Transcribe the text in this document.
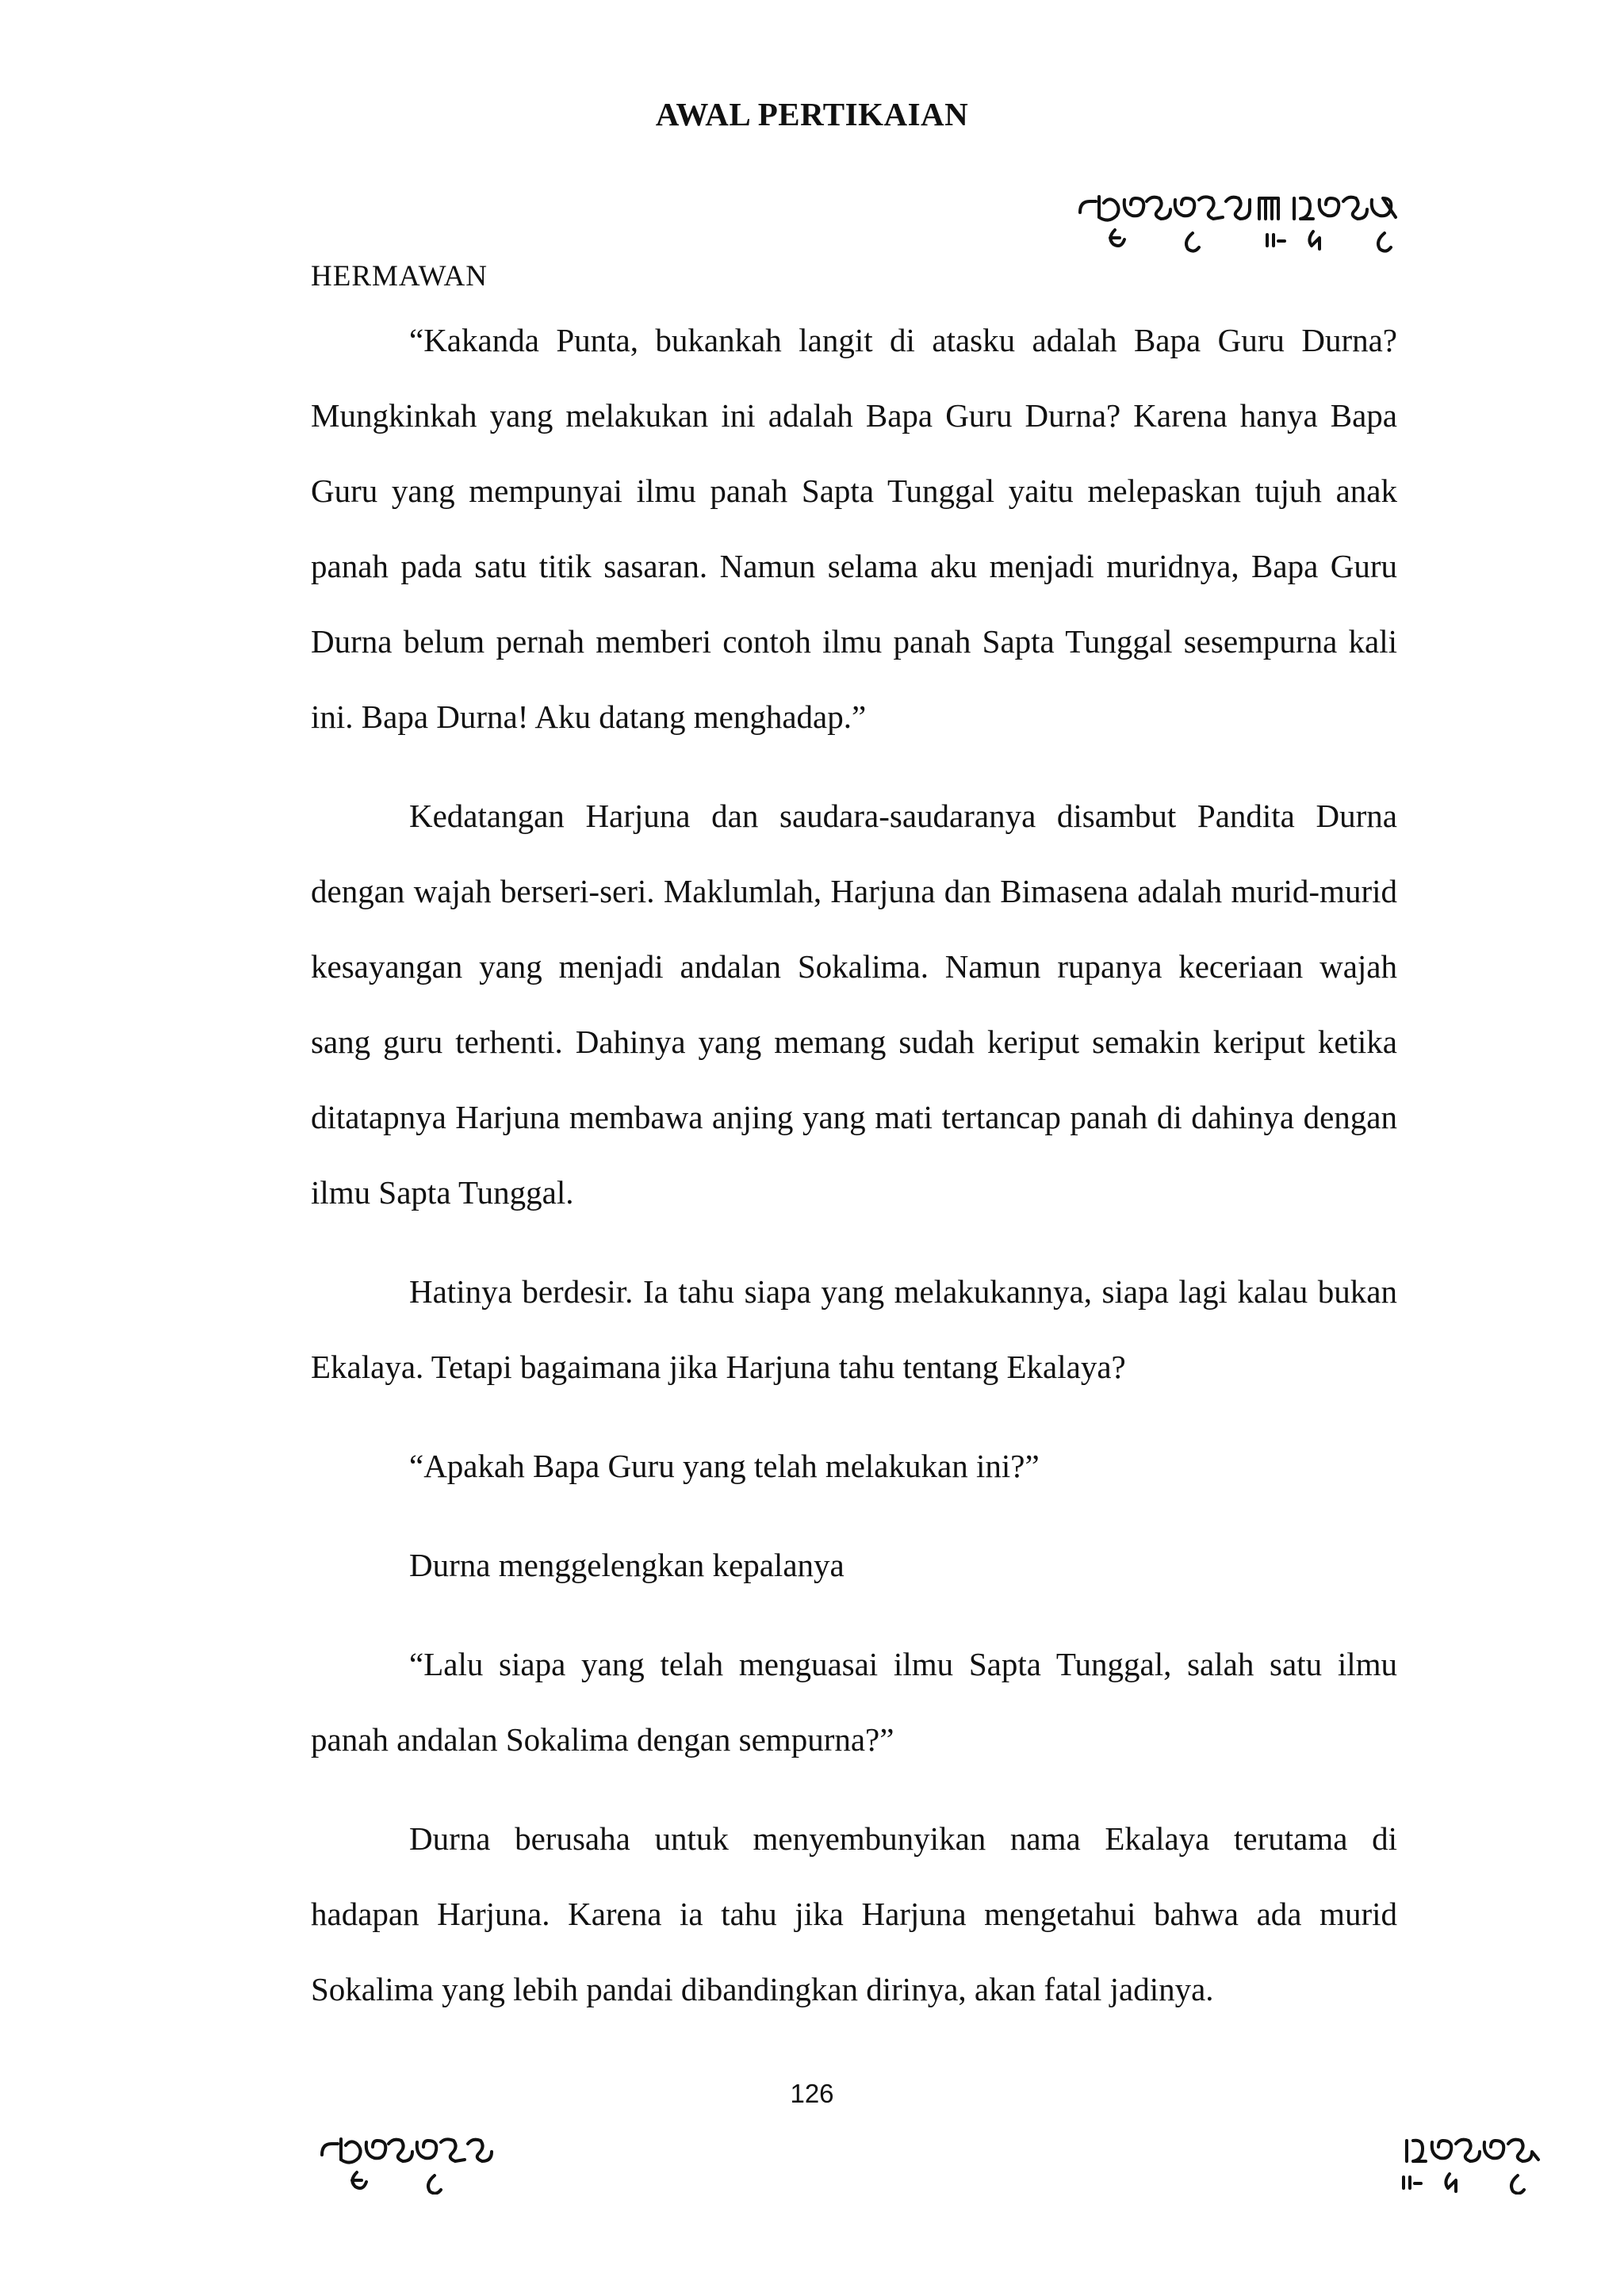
AWAL PERTIKAIAN
HERMAWAN

“Kakanda Punta, bukankah langit di atasku adalah Bapa Guru Durna? Mungkinkah yang melakukan ini adalah Bapa Guru Durna? Karena hanya Bapa Guru yang mempunyai ilmu panah Sapta Tunggal yaitu melepaskan tujuh anak panah pada satu titik sasaran. Namun selama aku menjadi muridnya, Bapa Guru Durna belum pernah memberi contoh ilmu panah Sapta Tunggal sesempurna kali ini. Bapa Durna! Aku datang menghadap.”

Kedatangan Harjuna dan saudara-saudaranya disambut Pandita Durna dengan wajah berseri-seri. Maklumlah, Harjuna dan Bimasena adalah murid-murid kesayangan yang menjadi andalan Sokalima. Namun rupanya keceriaan wajah sang guru terhenti. Dahinya yang memang sudah keriput semakin keriput ketika ditatapnya Harjuna membawa anjing yang mati tertancap panah di dahinya dengan ilmu Sapta Tunggal.

Hatinya berdesir. Ia tahu siapa yang melakukannya, siapa lagi kalau bukan Ekalaya. Tetapi bagaimana jika Harjuna tahu tentang Ekalaya?

“Apakah Bapa Guru yang telah melakukan ini?”

Durna menggelengkan kepalanya

“Lalu siapa yang telah menguasai ilmu Sapta Tunggal, salah satu ilmu panah andalan Sokalima dengan sempurna?”

Durna berusaha untuk menyembunyikan nama Ekalaya terutama di hadapan Harjuna. Karena ia tahu jika Harjuna mengetahui bahwa ada murid Sokalima yang lebih pandai dibandingkan dirinya, akan fatal jadinya.

126
